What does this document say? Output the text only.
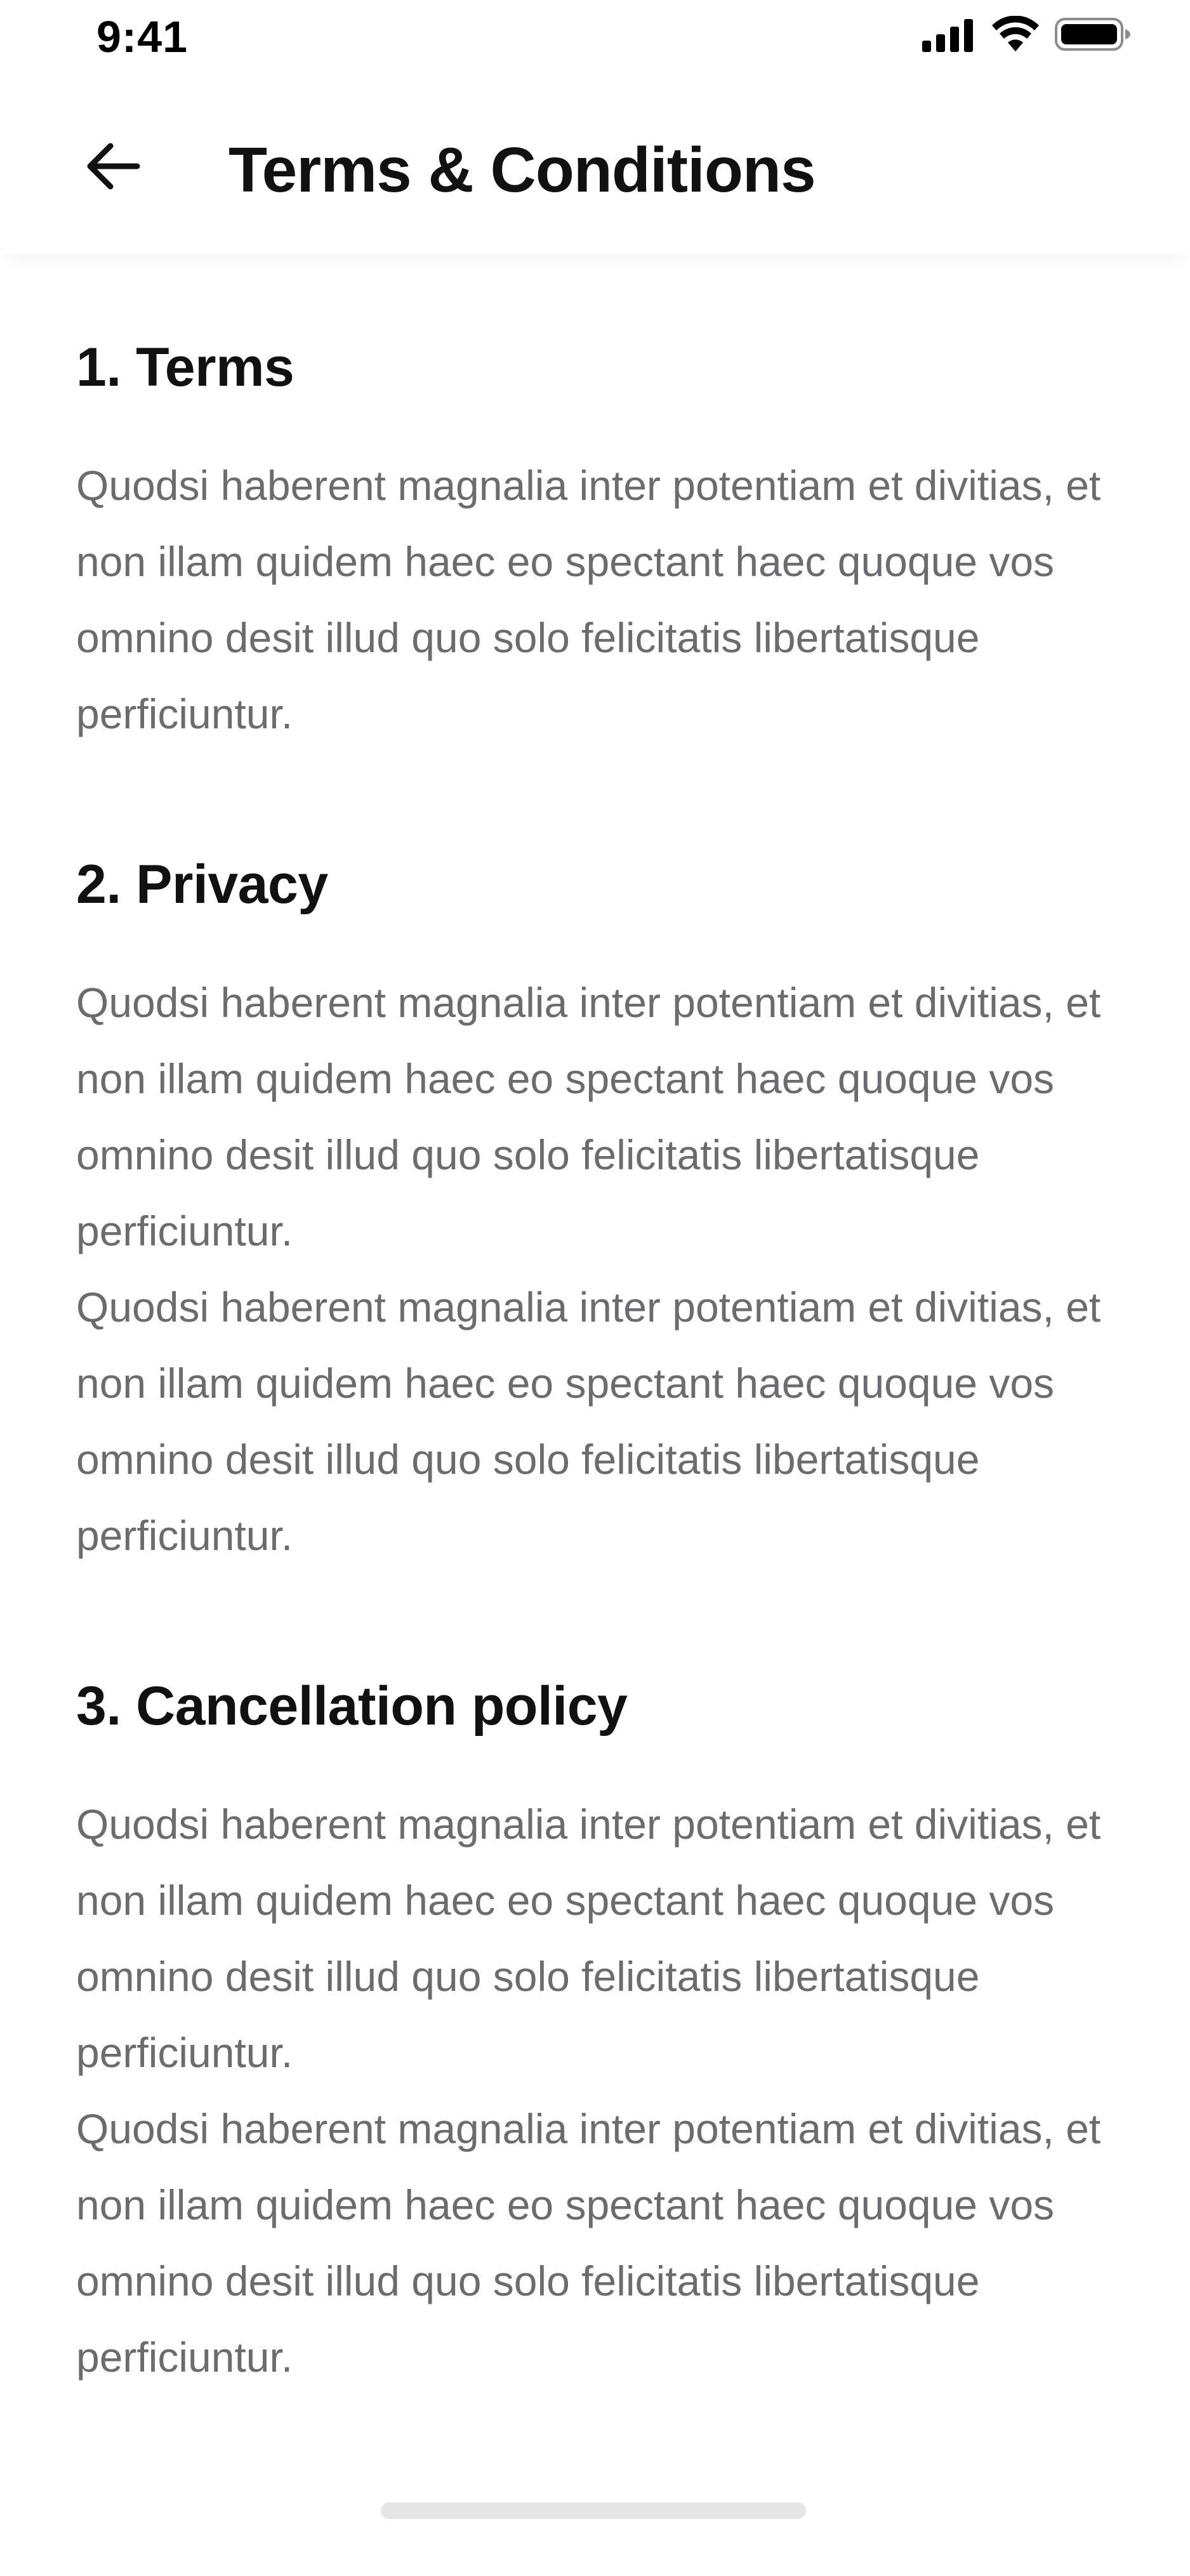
9:41
Terms & Conditions
1. Terms

Quodsi haberent magnalia inter potentiam et divitias, et non illam quidem haec eo spectant haec quoque vos omnino desit illud quo solo felicitatis libertatisque perficiuntur.

2. Privacy

Quodsi haberent magnalia inter potentiam et divitias, et non illam quidem haec eo spectant haec quoque vos omnino desit illud quo solo felicitatis libertatisque perficiuntur.

Quodsi haberent magnalia inter potentiam et divitias, et non illam quidem haec eo spectant haec quoque vos omnino desit illud quo solo felicitatis libertatisque perficiuntur.

3. Cancellation policy

Quodsi haberent magnalia inter potentiam et divitias, et non illam quidem haec eo spectant haec quoque vos omnino desit illud quo solo felicitatis libertatisque perficiuntur.

Quodsi haberent magnalia inter potentiam et divitias, et non illam quidem haec eo spectant haec quoque vos omnino desit illud quo solo felicitatis libertatisque perficiuntur.
